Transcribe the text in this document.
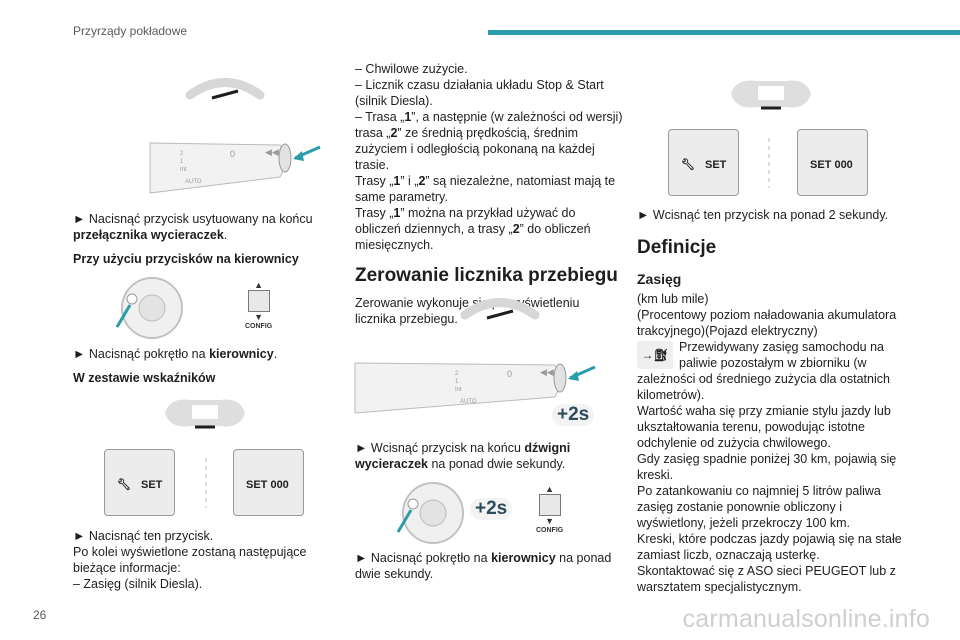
Przyrządy pokładowe
2
1
Int
AUTO
0	◀◀

► Nacisnąć przycisk usytuowany na końcu przełącznika wycieraczek.

Przy użyciu przycisków na kierownicy

▲
▼
CONFIG

► Nacisnąć pokrętło na kierownicy.

W zestawie wskaźników

🔧︎ SET	SET 000

► Nacisnąć ten przycisk.

Po kolei wyświetlone zostaną następujące bieżące informacje:

– Zasięg (silnik Diesla).

– Chwilowe zużycie.

– Licznik czasu działania układu Stop & Start (silnik Diesla).

– Trasa „1”, a następnie (w zależności od wersji) trasa „2” ze średnią prędkością, średnim zużyciem i odległością pokonaną na każdej trasie.

Trasy „1” i „2” są niezależne, natomiast mają te same parametry.

Trasy „1” można na przykład używać do obliczeń dziennych, a trasy „2” do obliczeń miesięcznych.

Zerowanie licznika przebiegu

Zerowanie wykonuje się po wyświetleniu licznika przebiegu.

2
1
Int
AUTO
0	◀◀
+2s

► Wcisnąć przycisk na końcu dźwigni wycieraczek na ponad dwie sekundy.

+2s
▲
▼
CONFIG

► Nacisnąć pokrętło na kierownicy na ponad dwie sekundy.

🔧︎ SET	SET 000

► Wcisnąć ten przycisk na ponad 2 sekundy.

Definicje

Zasięg

(km lub mile)

(Procentowy poziom naładowania akumulatora trakcyjnego)(Pojazd elektryczny)

→⛽︎
Przewidywany zasięg samochodu na paliwie pozostałym w zbiorniku (w zależności od średniego zużycia dla ostatnich kilometrów).

Wartość waha się przy zmianie stylu jazdy lub ukształtowania terenu, powodując istotne odchylenie od zużycia chwilowego.

Gdy zasięg spadnie poniżej 30 km, pojawią się kreski.

Po zatankowaniu co najmniej 5 litrów paliwa zasięg zostanie ponownie obliczony i wyświetlony, jeżeli przekroczy 100 km.

Kreski, które podczas jazdy pojawią się na stałe zamiast liczb, oznaczają usterkę.

Skontaktować się z ASO sieci PEUGEOT lub z warsztatem specjalistycznym.

26	carmanualsonline.info
